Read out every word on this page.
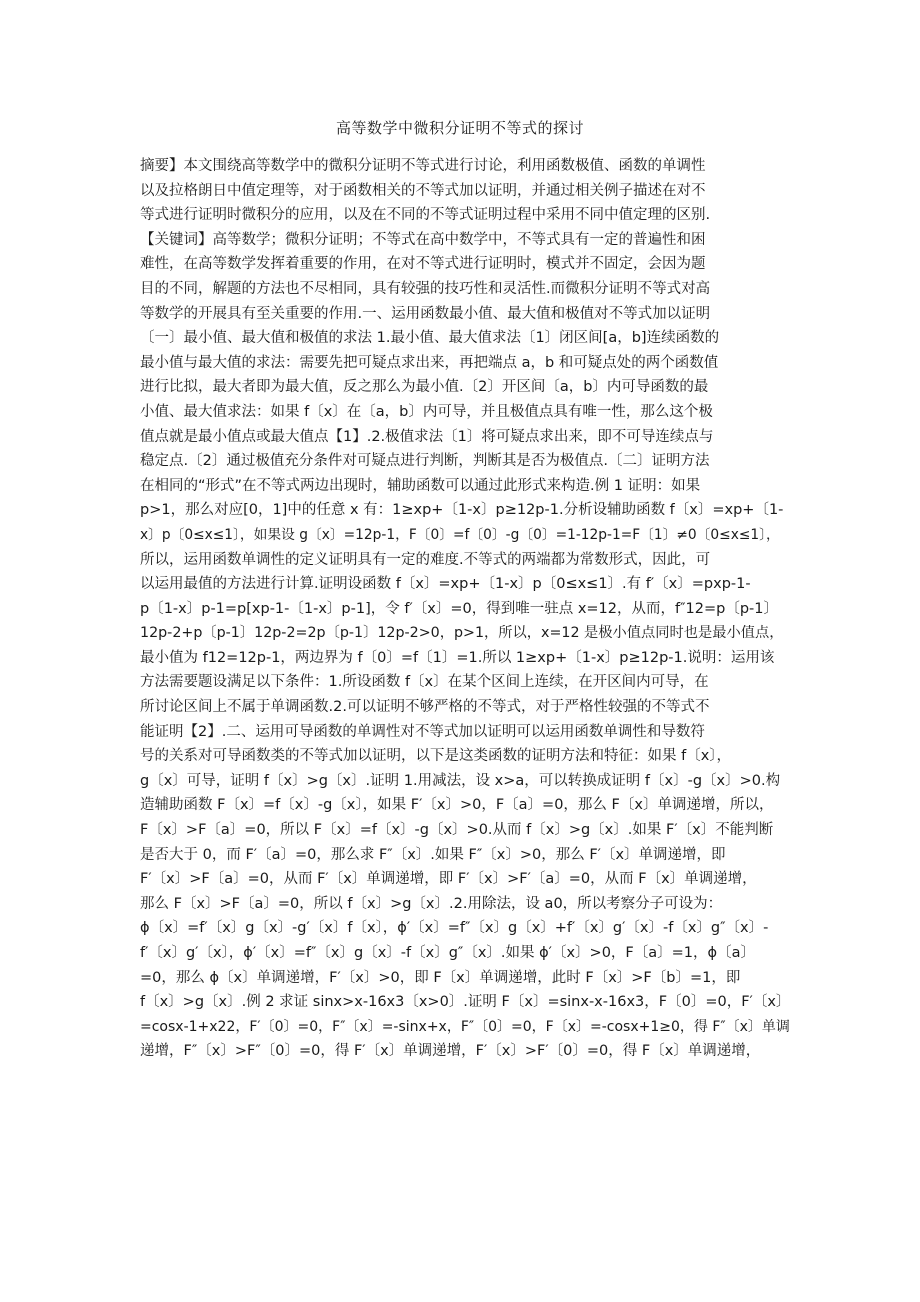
高等数学中微积分证明不等式的探讨
摘要】本文围绕高等数学中的微积分证明不等式进行讨论，利用函数极值、函数的单调性
以及拉格朗日中值定理等，对于函数相关的不等式加以证明，并通过相关例子描述在对不
等式进行证明时微积分的应用，以及在不同的不等式证明过程中采用不同中值定理的区别.
【关键词】高等数学；微积分证明；不等式在高中数学中，不等式具有一定的普遍性和困
难性，在高等数学发挥着重要的作用，在对不等式进行证明时，模式并不固定，会因为题
目的不同，解题的方法也不尽相同，具有较强的技巧性和灵活性.而微积分证明不等式对高
等数学的开展具有至关重要的作用.一、运用函数最小值、最大值和极值对不等式加以证明
〔一〕最小值、最大值和极值的求法 1.最小值、最大值求法〔1〕闭区间[a，b]连续函数的
最小值与最大值的求法：需要先把可疑点求出来，再把端点 a，b 和可疑点处的两个函数值
进行比拟，最大者即为最大值，反之那么为最小值.〔2〕开区间〔a，b〕内可导函数的最
小值、最大值求法：如果 f〔x〕在〔a，b〕内可导，并且极值点具有唯一性，那么这个极
值点就是最小值点或最大值点【1】.2.极值求法〔1〕将可疑点求出来，即不可导连续点与
稳定点.〔2〕通过极值充分条件对可疑点进行判断，判断其是否为极值点.〔二〕证明方法
在相同的“形式”在不等式两边出现时，辅助函数可以通过此形式来构造.例 1 证明：如果
p>1，那么对应[0，1]中的任意 x 有：1≥xp+〔1-x〕p≥12p-1.分析设辅助函数 f〔x〕=xp+〔1-
x〕p〔0≤x≤1〕，如果设 g〔x〕=12p-1，F〔0〕=f〔0〕-g〔0〕=1-12p-1=F〔1〕≠0〔0≤x≤1〕，
所以，运用函数单调性的定义证明具有一定的难度.不等式的两端都为常数形式，因此，可
以运用最值的方法进行计算.证明设函数 f〔x〕=xp+〔1-x〕p〔0≤x≤1〕.有 f′〔x〕=pxp-1-
p〔1-x〕p-1=p[xp-1-〔1-x〕p-1]，令 f′〔x〕=0，得到唯一驻点 x=12，从而，f″12=p〔p-1〕
12p-2+p〔p-1〕12p-2=2p〔p-1〕12p-2>0，p>1，所以，x=12 是极小值点同时也是最小值点，
最小值为 f12=12p-1，两边界为 f〔0〕=f〔1〕=1.所以 1≥xp+〔1-x〕p≥12p-1.说明：运用该
方法需要题设满足以下条件：1.所设函数 f〔x〕在某个区间上连续，在开区间内可导，在
所讨论区间上不属于单调函数.2.可以证明不够严格的不等式，对于严格性较强的不等式不
能证明【2】.二、运用可导函数的单调性对不等式加以证明可以运用函数单调性和导数符
号的关系对可导函数类的不等式加以证明，以下是这类函数的证明方法和特征：如果 f〔x〕，
g〔x〕可导，证明 f〔x〕>g〔x〕.证明 1.用减法，设 x>a，可以转换成证明 f〔x〕-g〔x〕>0.构
造辅助函数 F〔x〕=f〔x〕-g〔x〕，如果 F′〔x〕>0，F〔a〕=0，那么 F〔x〕单调递增，所以，
F〔x〕>F〔a〕=0，所以 F〔x〕=f〔x〕-g〔x〕>0.从而 f〔x〕>g〔x〕.如果 F′〔x〕不能判断
是否大于 0，而 F′〔a〕=0，那么求 F″〔x〕.如果 F″〔x〕>0，那么 F′〔x〕单调递增，即
F′〔x〕>F〔a〕=0，从而 F′〔x〕单调递增，即 F′〔x〕>F′〔a〕=0，从而 F〔x〕单调递增，
那么 F〔x〕>F〔a〕=0，所以 f〔x〕>g〔x〕.2.用除法，设 a0，所以考察分子可设为：
ϕ〔x〕=f′〔x〕g〔x〕-g′〔x〕f〔x〕，ϕ′〔x〕=f″〔x〕g〔x〕+f′〔x〕g′〔x〕-f〔x〕g″〔x〕-
f′〔x〕g′〔x〕，ϕ′〔x〕=f″〔x〕g〔x〕-f〔x〕g″〔x〕.如果 ϕ′〔x〕>0，F〔a〕=1，ϕ〔a〕
=0，那么 ϕ〔x〕单调递增，F′〔x〕>0，即 F〔x〕单调递增，此时 F〔x〕>F〔b〕=1，即
f〔x〕>g〔x〕.例 2 求证 sinx>x-16x3〔x>0〕.证明 F〔x〕=sinx-x-16x3，F〔0〕=0，F′〔x〕
=cosx-1+x22，F′〔0〕=0，F″〔x〕=-sinx+x，F″〔0〕=0，F〔x〕=-cosx+1≥0，得 F″〔x〕单调
递增，F″〔x〕>F″〔0〕=0，得 F′〔x〕单调递增，F′〔x〕>F′〔0〕=0，得 F〔x〕单调递增，
